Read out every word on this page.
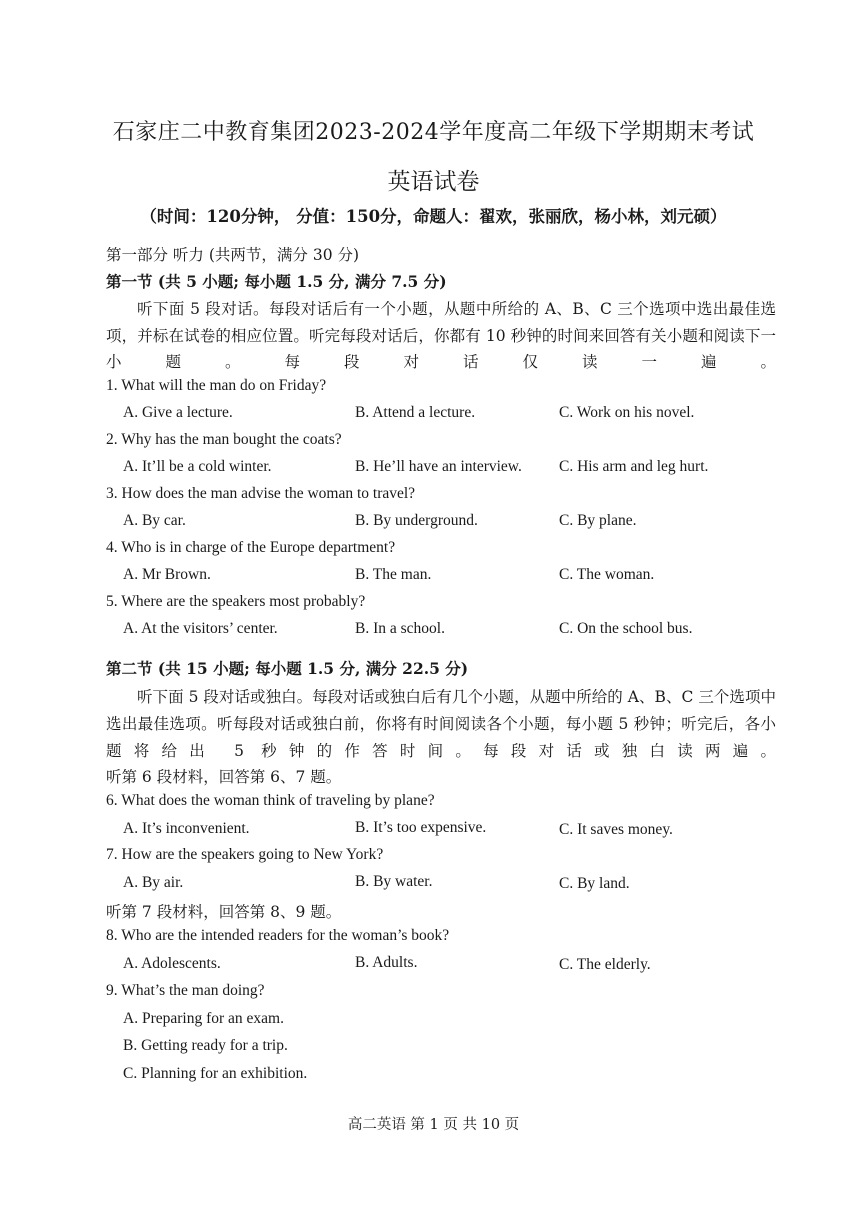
石家庄二中教育集团2023-2024学年度高二年级下学期期末考试
英语试卷
（时间：120分钟， 分值：150分，命题人：翟欢，张丽欣，杨小林，刘元硕）
第一部分 听力 (共两节，满分 30 分)
第一节 (共 5 小题; 每小题 1.5 分, 满分 7.5 分)
听下面 5 段对话。每段对话后有一个小题，从题中所给的 A、B、C 三个选项中选出最佳选项，并标在试卷的相应位置。听完每段对话后，你都有 10 秒钟的时间来回答有关小题和阅读下一小题。每段对话仅读一遍。
1. What will the man do on Friday?
A. Give a lecture.	B. Attend a lecture.	C. Work on his novel.
2. Why has the man bought the coats?
A. It’ll be a cold winter.	B. He’ll have an interview. C. His arm and leg hurt.
3. How does the man advise the woman to travel?
A. By car.	B. By underground.	C. By plane.
4. Who is in charge of the Europe department?
A. Mr Brown.	B. The man.	C. The woman.
5. Where are the speakers most probably?
A. At the visitors’ center.	B. In a school.	C. On the school bus.
第二节 (共 15 小题; 每小题 1.5 分, 满分 22.5 分)
听下面 5 段对话或独白。每段对话或独白后有几个小题，从题中所给的 A、B、C 三个选项中选出最佳选项。听每段对话或独白前，你将有时间阅读各个小题，每小题 5 秒钟；听完后，各小题将给出 5 秒钟的作答时间。每段对话或独白读两遍。
听第 6 段材料，回答第 6、7 题。
6. What does the woman think of traveling by plane?
A. It’s inconvenient.	B. It’s too expensive.	C. It saves money.
7. How are the speakers going to New York?
A. By air.	B. By water.	C. By land.
听第 7 段材料，回答第 8、9 题。
8. Who are the intended readers for the woman’s book?
A. Adolescents.	B. Adults.	C. The elderly.
9. What’s the man doing?
A. Preparing for an exam.
B. Getting ready for a trip.
C. Planning for an exhibition.
高二英语 第 1 页 共 10 页
